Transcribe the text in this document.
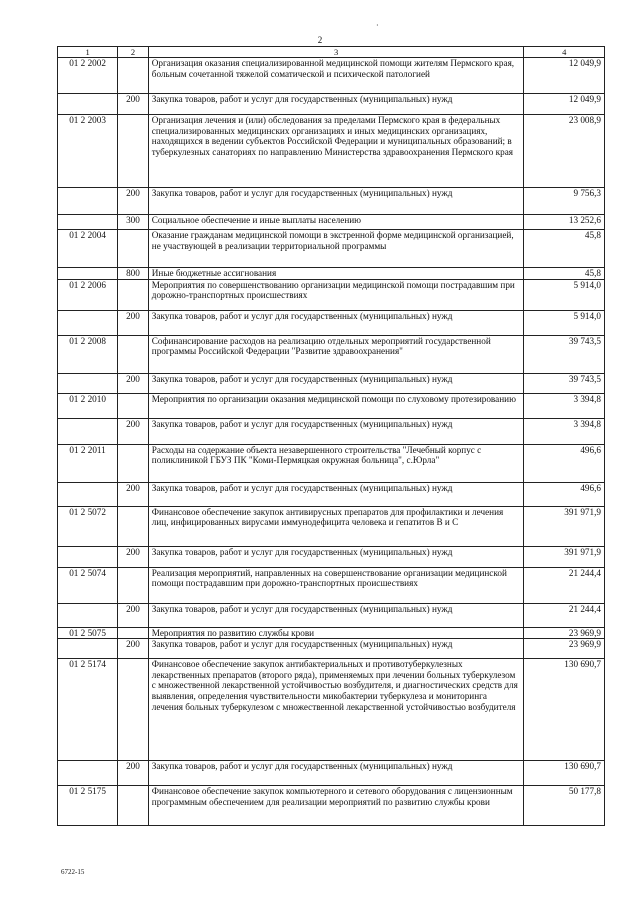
·
2
1	2	3	4
01 2 2002		Организация оказания специализированной медицинской помощи жителям Пермского края, больным сочетанной тяжелой соматической и психической патологией	12 049,9
	200	Закупка товаров, работ и услуг для государственных (муниципальных) нужд	12 049,9
01 2 2003		Организация лечения и (или) обследования за пределами Пермского края в федеральных специализированных медицинских организациях и иных медицинских организациях, находящихся в ведении субъектов Российской Федерации и муниципальных образований; в туберкулезных санаториях по направлению Министерства здравоохранения Пермского края	23 008,9
	200	Закупка товаров, работ и услуг для государственных (муниципальных) нужд	9 756,3
	300	Социальное обеспечение и иные выплаты населению	13 252,6
01 2 2004		Оказание гражданам медицинской помощи в экстренной форме медицинской организацией, не участвующей в реализации территориальной программы	45,8
	800	Иные бюджетные ассигнования	45,8
01 2 2006		Мероприятия по совершенствованию организации медицинской помощи пострадавшим при дорожно-транспортных происшествиях	5 914,0
	200	Закупка товаров, работ и услуг для государственных (муниципальных) нужд	5 914,0
01 2 2008		Софинансирование расходов на реализацию отдельных мероприятий государственной программы Российской Федерации "Развитие здравоохранения"	39 743,5
	200	Закупка товаров, работ и услуг для государственных (муниципальных) нужд	39 743,5
01 2 2010		Мероприятия по организации оказания медицинской помощи по слуховому протезированию	3 394,8
	200	Закупка товаров, работ и услуг для государственных (муниципальных) нужд	3 394,8
01 2 2011		Расходы на содержание объекта незавершенного строительства "Лечебный корпус с поликлиникой ГБУЗ ПК "Коми-Пермяцкая окружная больница", с.Юрла"	496,6
	200	Закупка товаров, работ и услуг для государственных (муниципальных) нужд	496,6
01 2 5072		Финансовое обеспечение закупок антивирусных препаратов для профилактики и лечения лиц, инфицированных вирусами иммунодефицита человека и гепатитов В и С	391 971,9
	200	Закупка товаров, работ и услуг для государственных (муниципальных) нужд	391 971,9
01 2 5074		Реализация мероприятий, направленных на совершенствование организации медицинской помощи пострадавшим при дорожно-транспортных происшествиях	21 244,4
	200	Закупка товаров, работ и услуг для государственных (муниципальных) нужд	21 244,4
01 2 5075		Мероприятия по развитию службы крови	23 969,9
	200	Закупка товаров, работ и услуг для государственных (муниципальных) нужд	23 969,9
01 2 5174		Финансовое обеспечение закупок антибактериальных и противотуберкулезных лекарственных препаратов (второго ряда), применяемых при лечении больных туберкулезом с множественной лекарственной устойчивостью возбудителя, и диагностических средств для выявления, определения чувствительности микобактерии туберкулеза и мониторинга лечения больных туберкулезом с множественной лекарственной устойчивостью возбудителя	130 690,7
	200	Закупка товаров, работ и услуг для государственных (муниципальных) нужд	130 690,7
01 2 5175		Финансовое обеспечение закупок компьютерного и сетевого оборудования с лицензионным программным обеспечением для реализации мероприятий по развитию службы крови	50 177,8
6722-15
